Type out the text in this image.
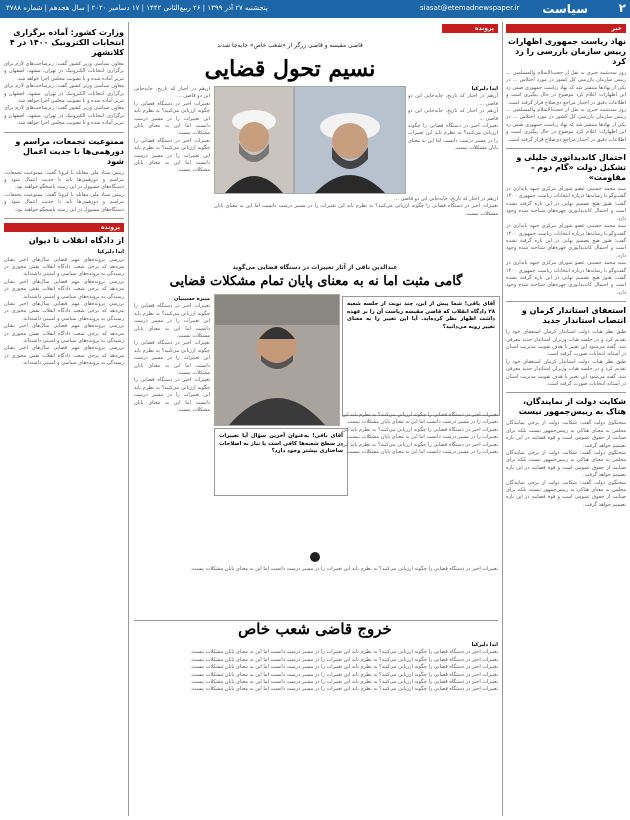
۲
سیاست
siasat@etemadnewspaper.ir
پنجشنبه ۲۷ آذر ۱۳۹۹ | ۲۶ ربیع‌الثانی ۱۴۴۲ | ۱۷ دسامبر ۲۰۲۰ | سال هجدهم | شماره ۴۷۸۸
خبر
نهاد ریاست جمهوری اظهارات رییس سازمان بازرسی را رد کرد
روز سه‌شنبه خبری به نقل از حجت‌الاسلام و‌المسلمین ... رییس سازمان بازرسی کل کشور در مورد اختلاس ... در یکی از نهادها منتشر شد که نهاد ریاست جمهوری ضمن رد این اظهارات اعلام کرد موضوع در حال پیگیری است و اطلاعات دقیق در اختیار مراجع ذی‌صلاح قرار گرفته است.
روز سه‌شنبه خبری به نقل از حجت‌الاسلام و‌المسلمین ... رییس سازمان بازرسی کل کشور در مورد اختلاس ... در یکی از نهادها منتشر شد که نهاد ریاست جمهوری ضمن رد این اظهارات اعلام کرد موضوع در حال پیگیری است و اطلاعات دقیق در اختیار مراجع ذی‌صلاح قرار گرفته است.
احتمال کاندیداتوری جلیلی و تشکیل دولت «گام دوم - مقاومت»
سید محمد حسینی عضو شورای مرکزی جبهه پایداری در گفت‌وگو با رسانه‌ها درباره انتخابات ریاست جمهوری ۱۴۰۰ گفت: هنوز هیچ تصمیم نهایی در این باره گرفته نشده است و احتمال کاندیداتوری چهره‌های شناخته شده وجود دارد.
سید محمد حسینی عضو شورای مرکزی جبهه پایداری در گفت‌وگو با رسانه‌ها درباره انتخابات ریاست جمهوری ۱۴۰۰ گفت: هنوز هیچ تصمیم نهایی در این باره گرفته نشده است و احتمال کاندیداتوری چهره‌های شناخته شده وجود دارد.
سید محمد حسینی عضو شورای مرکزی جبهه پایداری در گفت‌وگو با رسانه‌ها درباره انتخابات ریاست جمهوری ۱۴۰۰ گفت: هنوز هیچ تصمیم نهایی در این باره گرفته نشده است و احتمال کاندیداتوری چهره‌های شناخته شده وجود دارد.
استعفای استاندار کرمان و انتصاب استاندار جدید
طبق نظر هیات دولت استاندار کرمان استعفای خود را تقدیم کرد و در جلسه هیات وزیران استاندار جدید معرفی شد. گفته می‌شود این تغییر با هدف تقویت مدیریت استان در آستانه انتخابات صورت گرفته است.
طبق نظر هیات دولت استاندار کرمان استعفای خود را تقدیم کرد و در جلسه هیات وزیران استاندار جدید معرفی شد. گفته می‌شود این تغییر با هدف تقویت مدیریت استان در آستانه انتخابات صورت گرفته است.
شکایت دولت از نمایندگان، هتاک به رییس‌جمهور نیست
سخنگوی دولت گفت: شکایت دولت از برخی نمایندگان مجلس به معنای هتاکی به رییس‌جمهور نیست بلکه برای صیانت از حقوق عمومی است و قوه قضاییه در این باره تصمیم خواهد گرفت.
سخنگوی دولت گفت: شکایت دولت از برخی نمایندگان مجلس به معنای هتاکی به رییس‌جمهور نیست بلکه برای صیانت از حقوق عمومی است و قوه قضاییه در این باره تصمیم خواهد گرفت.
سخنگوی دولت گفت: شکایت دولت از برخی نمایندگان مجلس به معنای هتاکی به رییس‌جمهور نیست بلکه برای صیانت از حقوق عمومی است و قوه قضاییه در این باره تصمیم خواهد گرفت.
پرونده
قاضی مقیسه و قاضی زرگر از «شعب خاص» جابه‌جا شدند
نسیم تحول قضایی
ایدا دلیرکیا
آن‌هم در اخبار که تاریخ، جابه‌جایی این دو قاضی ...
آن‌هم در اخبار که تاریخ، جابه‌جایی این دو قاضی ...
تغییرات اخیر در دستگاه قضایی را چگونه ارزیابی می‌کنید؟ به نظرم باید این تغییرات را در مسیر درست دانست اما این به معنای پایان مشکلات نیست.
آن‌هم در اخبار که تاریخ، جابه‌جایی این دو قاضی ...
تغییرات اخیر در دستگاه قضایی را چگونه ارزیابی می‌کنید؟ به نظرم باید این تغییرات را در مسیر درست دانست اما این به معنای پایان مشکلات نیست.
تغییرات اخیر در دستگاه قضایی را چگونه ارزیابی می‌کنید؟ به نظرم باید این تغییرات را در مسیر درست دانست اما این به معنای پایان مشکلات نیست.
آن‌هم در اخبار که تاریخ، جابه‌جایی این دو قاضی ...
تغییرات اخیر در دستگاه قضایی را چگونه ارزیابی می‌کنید؟ به نظرم باید این تغییرات را در مسیر درست دانست اما این به معنای پایان مشکلات نیست.
عبدالدین باقی از آثار تغییرات در دستگاه قضایی می‌گوید
گامی مثبت اما نه به معنای پایان تمام مشکلات قضایی
منیژه حسینیان
تغییرات اخیر در دستگاه قضایی را چگونه ارزیابی می‌کنید؟ به نظرم باید این تغییرات را در مسیر درست دانست اما این به معنای پایان مشکلات نیست.
تغییرات اخیر در دستگاه قضایی را چگونه ارزیابی می‌کنید؟ به نظرم باید این تغییرات را در مسیر درست دانست اما این به معنای پایان مشکلات نیست.
تغییرات اخیر در دستگاه قضایی را چگونه ارزیابی می‌کنید؟ به نظرم باید این تغییرات را در مسیر درست دانست اما این به معنای پایان مشکلات نیست.
آقای باقی! شما پیش از این، چند نوبت از جلسه شعبه ۲۸ دادگاه انقلاب که قاضی مقیسه ریاست آن را بر عهده داشت اظهار نظر کرده‌اید. آیا این تغییر را به معنای تغییر رویه می‌دانید؟
آقای باقی! به‌عنوان آخرین سؤال آیا تغییرات در سطح شعبه‌ها کافی است یا نیاز به اصلاحات ساختاری بیشتر وجود دارد؟
تغییرات اخیر در دستگاه قضایی را چگونه ارزیابی می‌کنید؟ به نظرم باید این تغییرات را در مسیر درست دانست اما این به معنای پایان مشکلات نیست.
تغییرات اخیر در دستگاه قضایی را چگونه ارزیابی می‌کنید؟ به نظرم باید این تغییرات را در مسیر درست دانست اما این به معنای پایان مشکلات نیست.
تغییرات اخیر در دستگاه قضایی را چگونه ارزیابی می‌کنید؟ به نظرم باید این تغییرات را در مسیر درست دانست اما این به معنای پایان مشکلات نیست.
تغییرات اخیر در دستگاه قضایی را چگونه ارزیابی می‌کنید؟ به نظرم باید این تغییرات را در مسیر درست دانست اما این به معنای پایان مشکلات نیست.
خروج قاضی شعب خاص
ایدا دلیرکیا
تغییرات اخیر در دستگاه قضایی را چگونه ارزیابی می‌کنید؟ به نظرم باید این تغییرات را در مسیر درست دانست اما این به معنای پایان مشکلات نیست.
تغییرات اخیر در دستگاه قضایی را چگونه ارزیابی می‌کنید؟ به نظرم باید این تغییرات را در مسیر درست دانست اما این به معنای پایان مشکلات نیست.
تغییرات اخیر در دستگاه قضایی را چگونه ارزیابی می‌کنید؟ به نظرم باید این تغییرات را در مسیر درست دانست اما این به معنای پایان مشکلات نیست.
تغییرات اخیر در دستگاه قضایی را چگونه ارزیابی می‌کنید؟ به نظرم باید این تغییرات را در مسیر درست دانست اما این به معنای پایان مشکلات نیست.
تغییرات اخیر در دستگاه قضایی را چگونه ارزیابی می‌کنید؟ به نظرم باید این تغییرات را در مسیر درست دانست اما این به معنای پایان مشکلات نیست.
تغییرات اخیر در دستگاه قضایی را چگونه ارزیابی می‌کنید؟ به نظرم باید این تغییرات را در مسیر درست دانست اما این به معنای پایان مشکلات نیست.
وزارت کشور: آماده برگزاری انتخابات الکترونیک ۱۴۰۰ در ۴ کلانشهر
معاون سیاسی وزیر کشور گفت: زیرساخت‌های لازم برای برگزاری انتخابات الکترونیک در تهران، مشهد، اصفهان و تبریز آماده شده و با تصویب مجلس اجرا خواهد شد.
معاون سیاسی وزیر کشور گفت: زیرساخت‌های لازم برای برگزاری انتخابات الکترونیک در تهران، مشهد، اصفهان و تبریز آماده شده و با تصویب مجلس اجرا خواهد شد.
معاون سیاسی وزیر کشور گفت: زیرساخت‌های لازم برای برگزاری انتخابات الکترونیک در تهران، مشهد، اصفهان و تبریز آماده شده و با تصویب مجلس اجرا خواهد شد.
ممنوعیت تجمعات، مراسم و دورهمی‌ها با جدیت اعمال شود
رییس ستاد ملی مقابله با کرونا گفت: ممنوعیت تجمعات، مراسم و دورهمی‌ها باید با جدیت اعمال شود و دستگاه‌های مسوول در این زمینه پاسخگو خواهند بود.
رییس ستاد ملی مقابله با کرونا گفت: ممنوعیت تجمعات، مراسم و دورهمی‌ها باید با جدیت اعمال شود و دستگاه‌های مسوول در این زمینه پاسخگو خواهند بود.
پرونده
از دادگاه انقلاب تا دیوان
ایدا دلیرکیا
بررسی پرونده‌های مهم قضایی سال‌های اخیر نشان می‌دهد که برخی شعب دادگاه انقلاب نقش محوری در رسیدگی به پرونده‌های سیاسی و امنیتی داشته‌اند.
بررسی پرونده‌های مهم قضایی سال‌های اخیر نشان می‌دهد که برخی شعب دادگاه انقلاب نقش محوری در رسیدگی به پرونده‌های سیاسی و امنیتی داشته‌اند.
بررسی پرونده‌های مهم قضایی سال‌های اخیر نشان می‌دهد که برخی شعب دادگاه انقلاب نقش محوری در رسیدگی به پرونده‌های سیاسی و امنیتی داشته‌اند.
بررسی پرونده‌های مهم قضایی سال‌های اخیر نشان می‌دهد که برخی شعب دادگاه انقلاب نقش محوری در رسیدگی به پرونده‌های سیاسی و امنیتی داشته‌اند.
بررسی پرونده‌های مهم قضایی سال‌های اخیر نشان می‌دهد که برخی شعب دادگاه انقلاب نقش محوری در رسیدگی به پرونده‌های سیاسی و امنیتی داشته‌اند.
